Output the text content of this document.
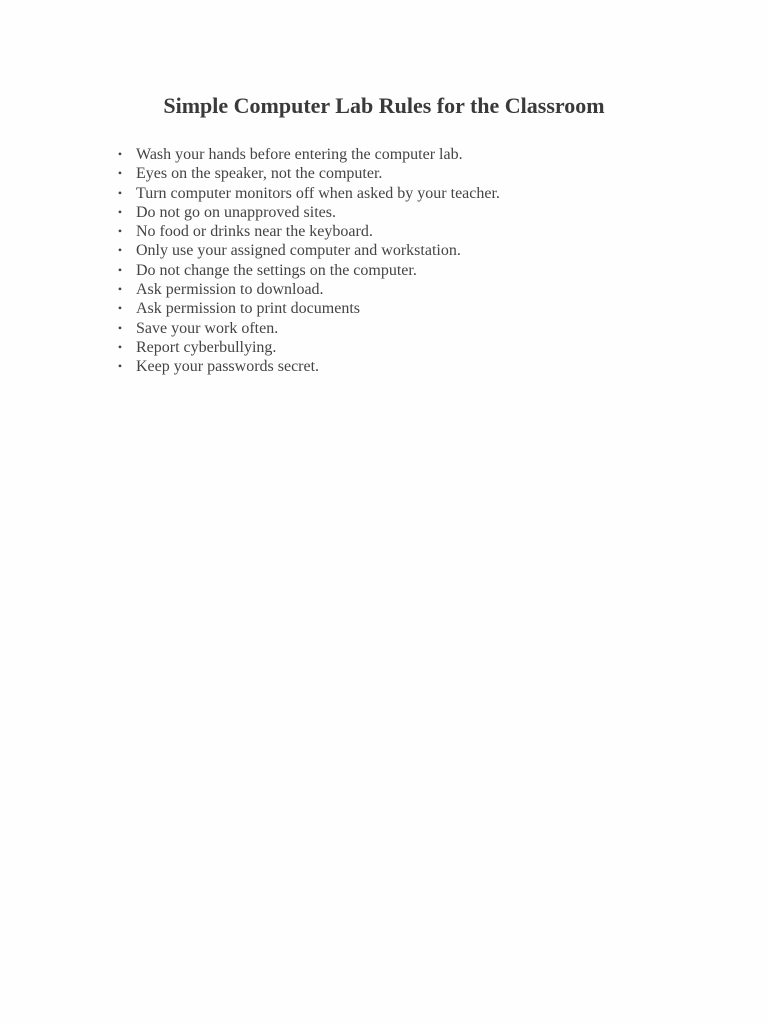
Simple Computer Lab Rules for the Classroom
• Wash your hands before entering the computer lab.
• Eyes on the speaker, not the computer.
• Turn computer monitors off when asked by your teacher.
• Do not go on unapproved sites.
• No food or drinks near the keyboard.
• Only use your assigned computer and workstation.
• Do not change the settings on the computer.
• Ask permission to download.
• Ask permission to print documents
• Save your work often.
• Report cyberbullying.
• Keep your passwords secret.
